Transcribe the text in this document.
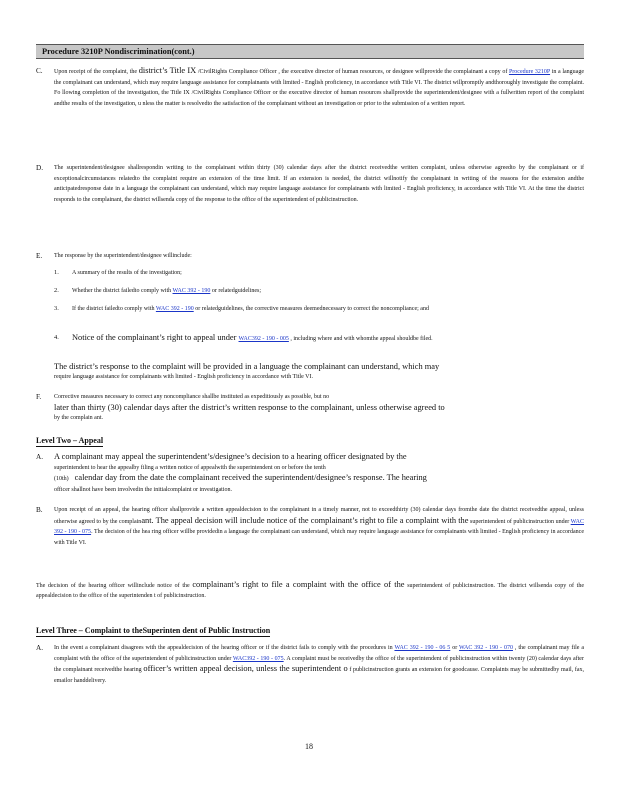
Procedure 3210P Nondiscrimination(cont.)
C. Upon receipt of the complaint, the district’s Title IX /CivilRights Compliance Officer , the executive director of human resources, or designee willprovide the complainant a copy of Procedure 3210P in a language the complainant can understand, which may require language assistance for complainants with limited - English proficiency, in accordance with Title VI. The district willpromptly andthoroughly investigate the complaint. Fo llowing completion of the investigation, the Title IX /CivilRights Compliance Officer or the executive director of human resources shallprovide the superintendent/designee with a fullwritten report of the complaint andthe results of the investigation, u nless the matter is resolvedto the satisfaction of the complainant without an investigation or prior to the submission of a written report.
D. The superintendent/designee shallrespondin writing to the complainant within thirty (30) calendar days after the district receivedthe written complaint, unless otherwise agreedto by the complainant or if exceptionalcircumstances relatedto the complaint require an extension of the time limit. If an extension is needed, the district willnotify the complainant in writing of the reasons for the extension andthe anticipatedresponse date in a language the complainant can understand, which may require language assistance for complainants with limited - English proficiency, in accordance with Title VI. At the time the district responds to the complainant, the district willsenda copy of the response to the office of the superintendent of publicinstruction.
E. The response by the superintendent/designee willinclude:
1. A summary of the results of the investigation;
2. Whether the district failedto comply with WAC 392 - 190 or relatedguidelines;
3. If the district failedto comply with WAC 392 - 190 or relatedguidelines, the corrective measures deemednecessary to correct the noncompliance; and
4. Notice of the complainant’s right to appeal under WAC392 - 190 - 005 , including where and with whomthe appeal shouldbe filed.
The district’s response to the complaint will be provided in a language the complainant can understand, which may
require language assistance for complainants with limited - English proficiency in accordance with Title VI.
F. Corrective measures necessary to correct any noncompliance shallbe instituted as expeditiously as possible, but no
later than thirty (30) calendar days after the district’s written response to the complainant, unless otherwise agreed to
by the complain ant.
Level Two – Appeal
A. A complainant may appeal the superintendent’s/designee’s decision to a hearing officer designated by the
superintendent to hear the appealby filing a written notice of appealwith the superintendent on or before the tenth
(10th) calendar day from the date the complainant received the superintendent/designee’s response. The hearing
officer shallnot have been involvedin the initialcomplaint or investigation.
B. Upon receipt of an appeal, the hearing officer shallprovide a written appealdecision to the complainant in a timely manner, not to exceedthirty (30) calendar days fromthe date the district receivedthe appeal, unless otherwise agreed to by the complainant. The appeal decision will include notice of the complainant’s right to file a complaint with the superintendent of publicinstruction under WAC 392 - 190 - 075. The decision of the hea ring officer willbe providedin a language the complainant can understand, which may require language assistance for complainants with limited - English proficiency in accordance with Title VI.
The decision of the hearing officer willinclude notice of the complainant’s right to file a complaint with the office of the superintendent of publicinstruction. The district willsenda copy of the appealdecision to the office of the superintenden t of publicinstruction.
Level Three – Complaint to theSuperinten dent of Public Instruction
A. In the event a complainant disagrees with the appealdecision of the hearing officer or if the district fails to comply with the procedures in WAC 392 - 190 - 06 5 or WAC 392 - 190 - 070 , the complainant may file a complaint with the office of the superintendent of publicinstruction under WAC392 - 190 - 075. A complaint must be receivedby the office of the superintendent of publicinstruction within twenty (20) calendar days after the complainant receivedthe hearing officer’s written appeal decision, unless the superintendent o f publicinstruction grants an extension for goodcause. Complaints may be submittedby mail, fax, emailor handdelivery.
18
